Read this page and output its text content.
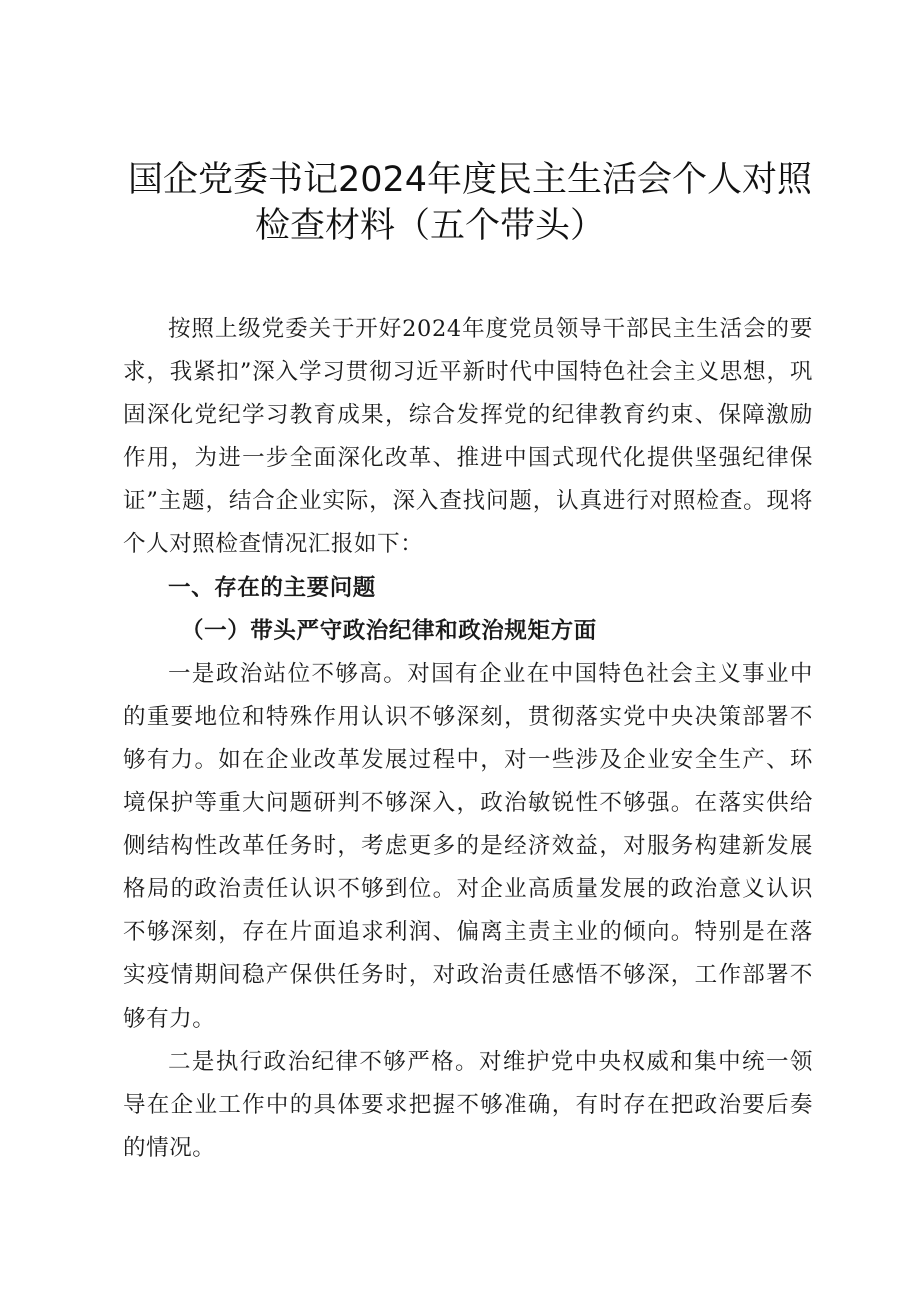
国企党委书记2024年度民主生活会个人对照
检查材料（五个带头）

按照上级党委关于开好2024年度党员领导干部民主生活会的要求，我紧扣”深入学习贯彻习近平新时代中国特色社会主义思想，巩固深化党纪学习教育成果，综合发挥党的纪律教育约束、保障激励作用，为进一步全面深化改革、推进中国式现代化提供坚强纪律保证”主题，结合企业实际，深入查找问题，认真进行对照检查。现将个人对照检查情况汇报如下：

一、存在的主要问题

（一）带头严守政治纪律和政治规矩方面

一是政治站位不够高。对国有企业在中国特色社会主义事业中的重要地位和特殊作用认识不够深刻，贯彻落实党中央决策部署不够有力。如在企业改革发展过程中，对一些涉及企业安全生产、环境保护等重大问题研判不够深入，政治敏锐性不够强。在落实供给侧结构性改革任务时，考虑更多的是经济效益，对服务构建新发展格局的政治责任认识不够到位。对企业高质量发展的政治意义认识不够深刻，存在片面追求利润、偏离主责主业的倾向。特别是在落实疫情期间稳产保供任务时，对政治责任感悟不够深，工作部署不够有力。

二是执行政治纪律不够严格。对维护党中央权威和集中统一领导在企业工作中的具体要求把握不够准确，有时存在把政治要后奏的情况。
